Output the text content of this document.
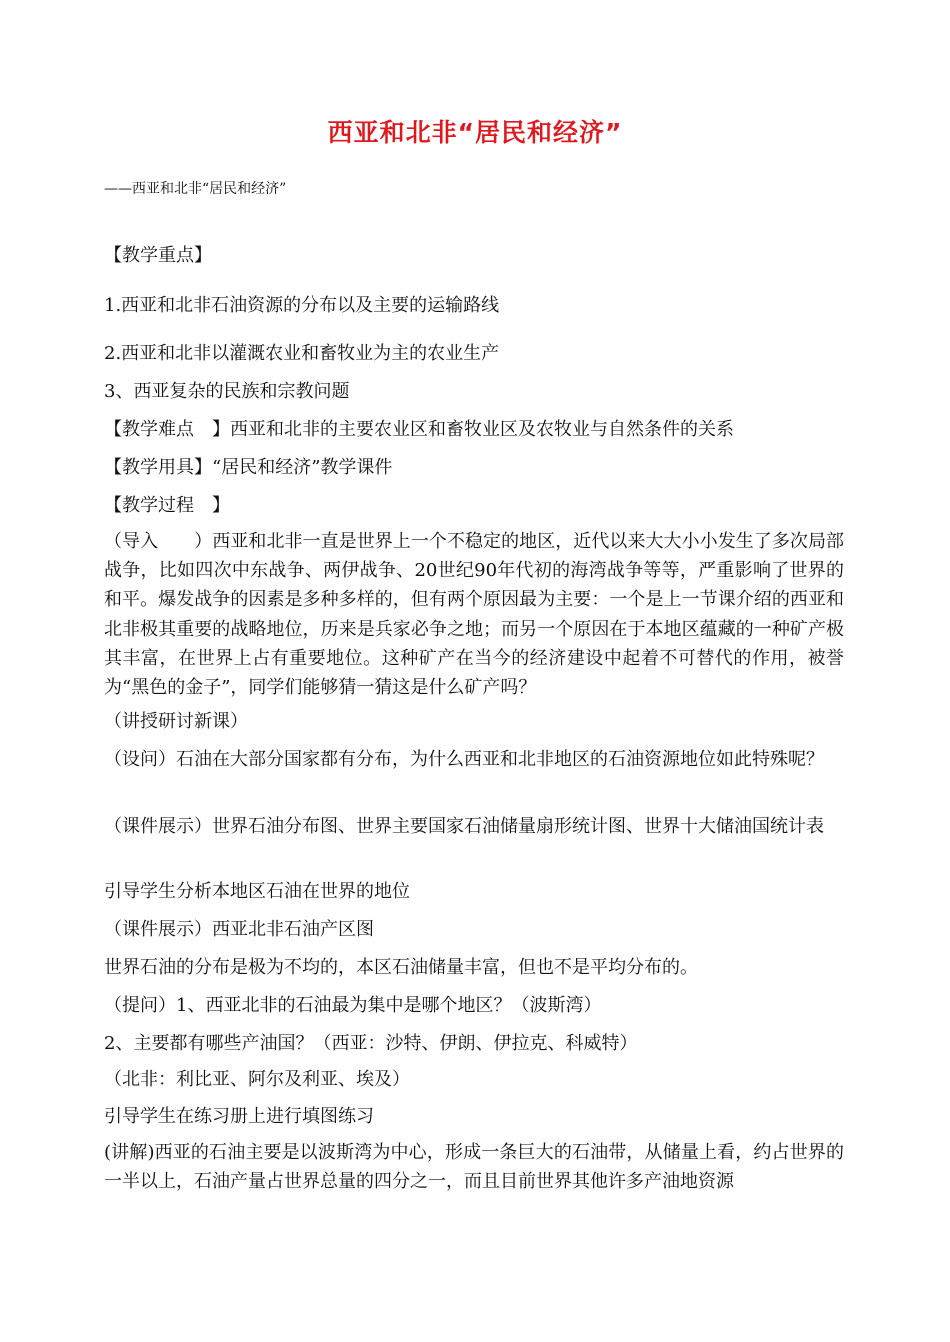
西亚和北非“居民和经济”
——西亚和北非“居民和经济”
【教学重点】
1.西亚和北非石油资源的分布以及主要的运输路线
2.西亚和北非以灌溉农业和畜牧业为主的农业生产
3、西亚复杂的民族和宗教问题
【教学难点　】西亚和北非的主要农业区和畜牧业区及农牧业与自然条件的关系
【教学用具】“居民和经济”教学课件
【教学过程　】
（导入　　）西亚和北非一直是世界上一个不稳定的地区，近代以来大大小小发生了多次局部战争，比如四次中东战争、两伊战争、20世纪90年代初的海湾战争等等，严重影响了世界的和平。爆发战争的因素是多种多样的，但有两个原因最为主要：一个是上一节课介绍的西亚和北非极其重要的战略地位，历来是兵家必争之地；而另一个原因在于本地区蕴藏的一种矿产极其丰富，在世界上占有重要地位。这种矿产在当今的经济建设中起着不可替代的作用，被誉为“黑色的金子”，同学们能够猜一猜这是什么矿产吗？
（讲授研讨新课）
（设问）石油在大部分国家都有分布，为什么西亚和北非地区的石油资源地位如此特殊呢？
（课件展示）世界石油分布图、世界主要国家石油储量扇形统计图、世界十大储油国统计表
引导学生分析本地区石油在世界的地位
（课件展示）西亚北非石油产区图
世界石油的分布是极为不均的，本区石油储量丰富，但也不是平均分布的。
（提问）1、西亚北非的石油最为集中是哪个地区？（波斯湾）
2、主要都有哪些产油国？（西亚：沙特、伊朗、伊拉克、科威特）
（北非：利比亚、阿尔及利亚、埃及）
引导学生在练习册上进行填图练习
(讲解)西亚的石油主要是以波斯湾为中心，形成一条巨大的石油带，从储量上看，约占世界的一半以上，石油产量占世界总量的四分之一，而且目前世界其他许多产油地资源
